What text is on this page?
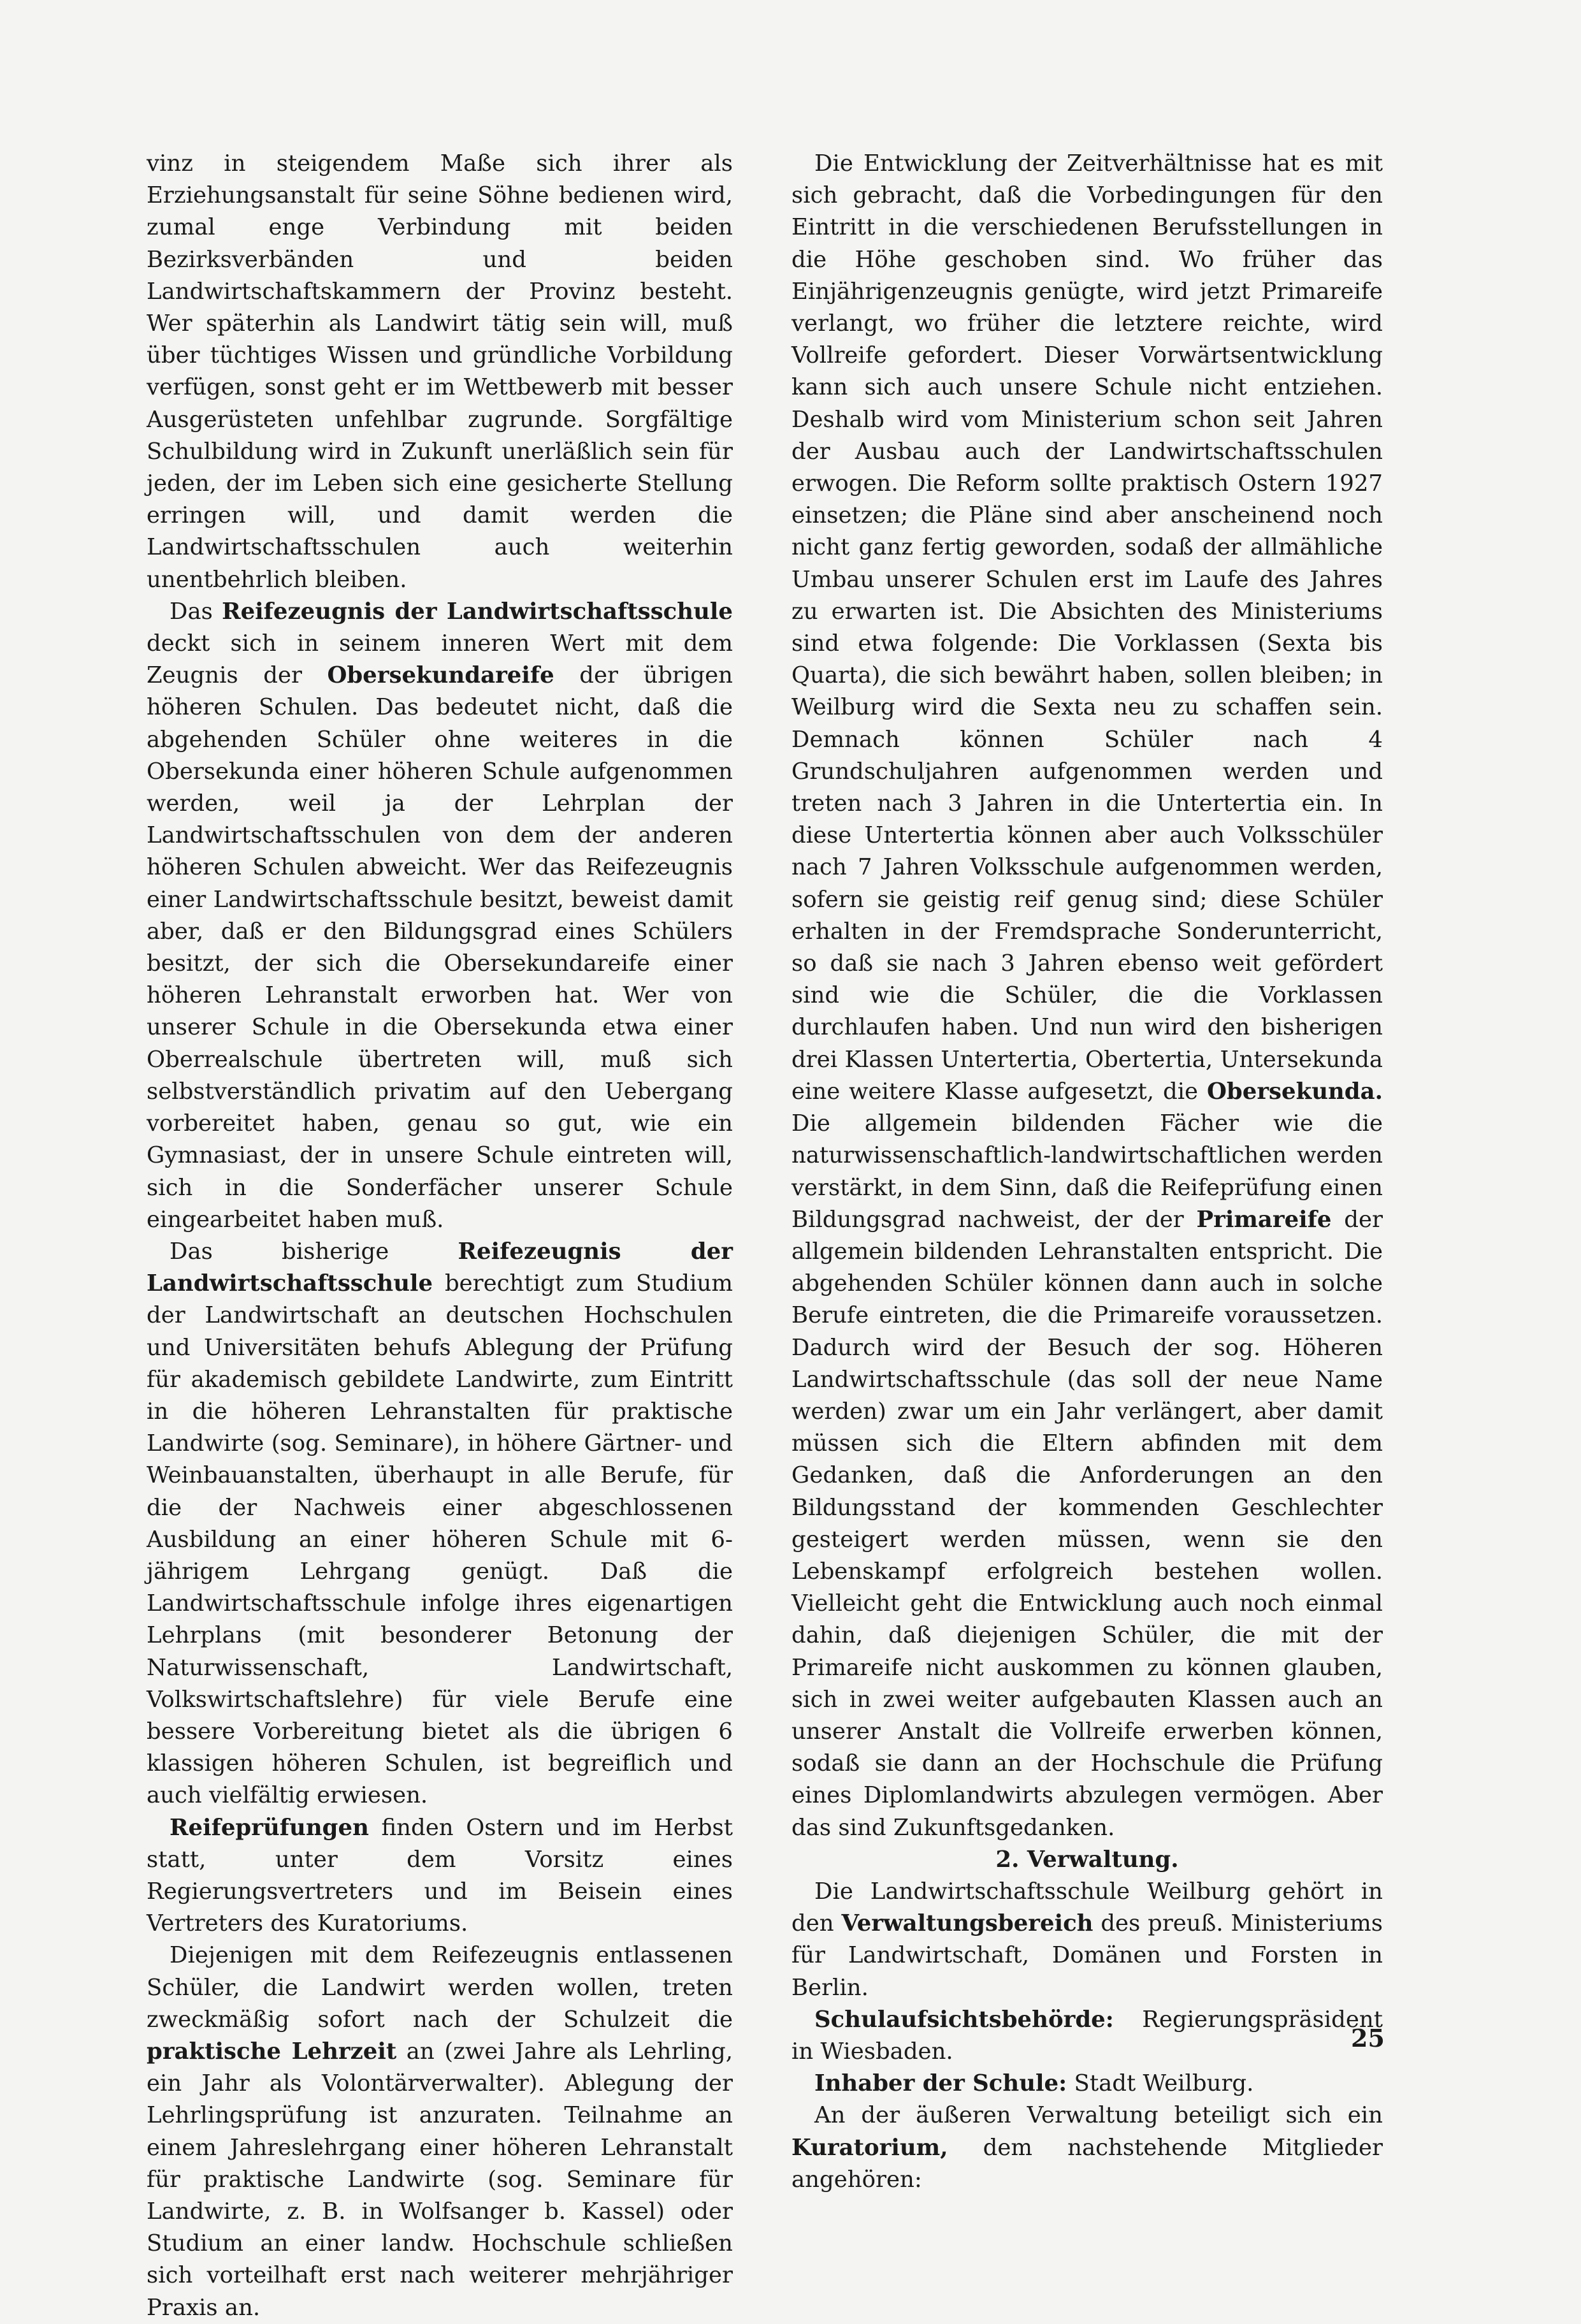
vinz in steigendem Maße sich ihrer als Erziehungsanstalt für seine Söhne bedienen wird, zumal enge Verbindung mit beiden Bezirksverbänden und beiden Landwirtschaftskammern der Provinz besteht. Wer späterhin als Landwirt tätig sein will, muß über tüchtiges Wissen und gründliche Vorbildung verfügen, sonst geht er im Wettbewerb mit besser Ausgerüsteten unfehlbar zugrunde. Sorgfältige Schulbildung wird in Zukunft unerläßlich sein für jeden, der im Leben sich eine gesicherte Stellung erringen will, und damit werden die Landwirtschaftsschulen auch weiterhin unentbehrlich bleiben.

Das Reifezeugnis der Landwirtschaftsschule deckt sich in seinem inneren Wert mit dem Zeugnis der Obersekundareife der übrigen höheren Schulen. Das bedeutet nicht, daß die abgehenden Schüler ohne weiteres in die Obersekunda einer höheren Schule aufgenommen werden, weil ja der Lehrplan der Landwirtschaftsschulen von dem der anderen höheren Schulen abweicht. Wer das Reifezeugnis einer Landwirtschaftsschule besitzt, beweist damit aber, daß er den Bildungsgrad eines Schülers besitzt, der sich die Obersekundareife einer höheren Lehranstalt erworben hat. Wer von unserer Schule in die Obersekunda etwa einer Oberrealschule übertreten will, muß sich selbstverständlich privatim auf den Uebergang vorbereitet haben, genau so gut, wie ein Gymnasiast, der in unsere Schule eintreten will, sich in die Sonderfächer unserer Schule eingearbeitet haben muß.

Das bisherige Reifezeugnis der Landwirtschaftsschule berechtigt zum Studium der Landwirtschaft an deutschen Hochschulen und Universitäten behufs Ablegung der Prüfung für akademisch gebildete Landwirte, zum Eintritt in die höheren Lehranstalten für praktische Landwirte (sog. Seminare), in höhere Gärtner- und Weinbauanstalten, überhaupt in alle Berufe, für die der Nachweis einer abgeschlossenen Ausbildung an einer höheren Schule mit 6-jährigem Lehrgang genügt. Daß die Landwirtschaftsschule infolge ihres eigenartigen Lehrplans (mit besonderer Betonung der Naturwissenschaft, Landwirtschaft, Volkswirtschaftslehre) für viele Berufe eine bessere Vorbereitung bietet als die übrigen 6 klassigen höheren Schulen, ist begreiflich und auch vielfältig erwiesen.

Reifeprüfungen finden Ostern und im Herbst statt, unter dem Vorsitz eines Regierungsvertreters und im Beisein eines Vertreters des Kuratoriums.

Diejenigen mit dem Reifezeugnis entlassenen Schüler, die Landwirt werden wollen, treten zweckmäßig sofort nach der Schulzeit die praktische Lehrzeit an (zwei Jahre als Lehrling, ein Jahr als Volontärverwalter). Ablegung der Lehrlingsprüfung ist anzuraten. Teilnahme an einem Jahreslehrgang einer höheren Lehranstalt für praktische Landwirte (sog. Seminare für Landwirte, z. B. in Wolfsanger b. Kassel) oder Studium an einer landw. Hochschule schließen sich vorteilhaft erst nach weiterer mehrjähriger Praxis an.

Die Entwicklung der Zeitverhältnisse hat es mit sich gebracht, daß die Vorbedingungen für den Eintritt in die verschiedenen Berufsstellungen in die Höhe geschoben sind. Wo früher das Einjährigenzeugnis genügte, wird jetzt Primareife verlangt, wo früher die letztere reichte, wird Vollreife gefordert. Dieser Vorwärtsentwicklung kann sich auch unsere Schule nicht entziehen. Deshalb wird vom Ministerium schon seit Jahren der Ausbau auch der Landwirtschaftsschulen erwogen. Die Reform sollte praktisch Ostern 1927 einsetzen; die Pläne sind aber anscheinend noch nicht ganz fertig geworden, sodaß der allmähliche Umbau unserer Schulen erst im Laufe des Jahres zu erwarten ist. Die Absichten des Ministeriums sind etwa folgende: Die Vorklassen (Sexta bis Quarta), die sich bewährt haben, sollen bleiben; in Weilburg wird die Sexta neu zu schaffen sein. Demnach können Schüler nach 4 Grundschuljahren aufgenommen werden und treten nach 3 Jahren in die Untertertia ein. In diese Untertertia können aber auch Volksschüler nach 7 Jahren Volksschule aufgenommen werden, sofern sie geistig reif genug sind; diese Schüler erhalten in der Fremdsprache Sonderunterricht, so daß sie nach 3 Jahren ebenso weit gefördert sind wie die Schüler, die die Vorklassen durchlaufen haben. Und nun wird den bisherigen drei Klassen Untertertia, Obertertia, Untersekunda eine weitere Klasse aufgesetzt, die Obersekunda. Die allgemein bildenden Fächer wie die naturwissenschaftlich-landwirtschaftlichen werden verstärkt, in dem Sinn, daß die Reifeprüfung einen Bildungsgrad nachweist, der der Primareife der allgemein bildenden Lehranstalten entspricht. Die abgehenden Schüler können dann auch in solche Berufe eintreten, die die Primareife voraussetzen. Dadurch wird der Besuch der sog. Höheren Landwirtschaftsschule (das soll der neue Name werden) zwar um ein Jahr verlängert, aber damit müssen sich die Eltern abfinden mit dem Gedanken, daß die Anforderungen an den Bildungsstand der kommenden Geschlechter gesteigert werden müssen, wenn sie den Lebenskampf erfolgreich bestehen wollen. Vielleicht geht die Entwicklung auch noch einmal dahin, daß diejenigen Schüler, die mit der Primareife nicht auskommen zu können glauben, sich in zwei weiter aufgebauten Klassen auch an unserer Anstalt die Vollreife erwerben können, sodaß sie dann an der Hochschule die Prüfung eines Diplomlandwirts abzulegen vermögen. Aber das sind Zukunftsgedanken.

2. Verwaltung.

Die Landwirtschaftsschule Weilburg gehört in den Verwaltungsbereich des preuß. Ministeriums für Landwirtschaft, Domänen und Forsten in Berlin.

Schulaufsichtsbehörde: Regierungspräsident in Wiesbaden.

Inhaber der Schule: Stadt Weilburg.

An der äußeren Verwaltung beteiligt sich ein Kuratorium, dem nachstehende Mitglieder angehören:

25
